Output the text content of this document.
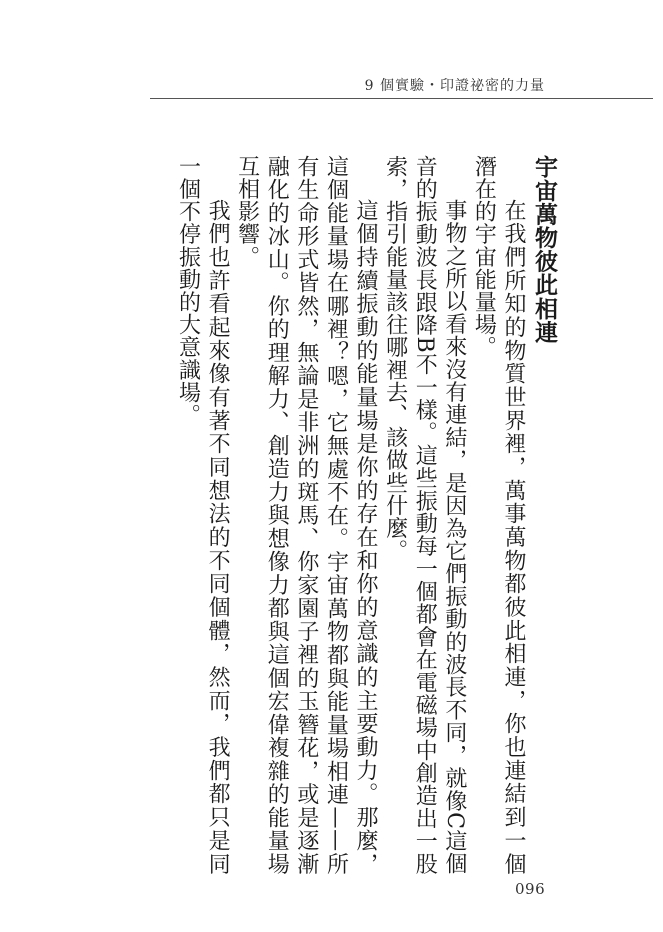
9 個實驗・印證祕密的力量
宇宙萬物彼此相連

在我們所知的物質世界裡，萬事萬物都彼此相連，你也連結到一個潛在的宇宙能量場。

事物之所以看來沒有連結，是因為它們振動的波長不同，就像C這個音的振動波長跟降B不一樣。這些振動每一個都會在電磁場中創造出一股索，指引能量該往哪裡去、該做些什麼。

這個持續振動的能量場是你的存在和你的意識的主要動力。那麼，這個能量場在哪裡？嗯，它無處不在。宇宙萬物都與能量場相連——所有生命形式皆然，無論是非洲的斑馬、你家園子裡的玉簪花，或是逐漸融化的冰山。你的理解力、創造力與想像力都與這個宏偉複雜的能量場互相影響。

我們也許看起來像有著不同想法的不同個體，然而，我們都只是同一個不停振動的大意識場。

096
